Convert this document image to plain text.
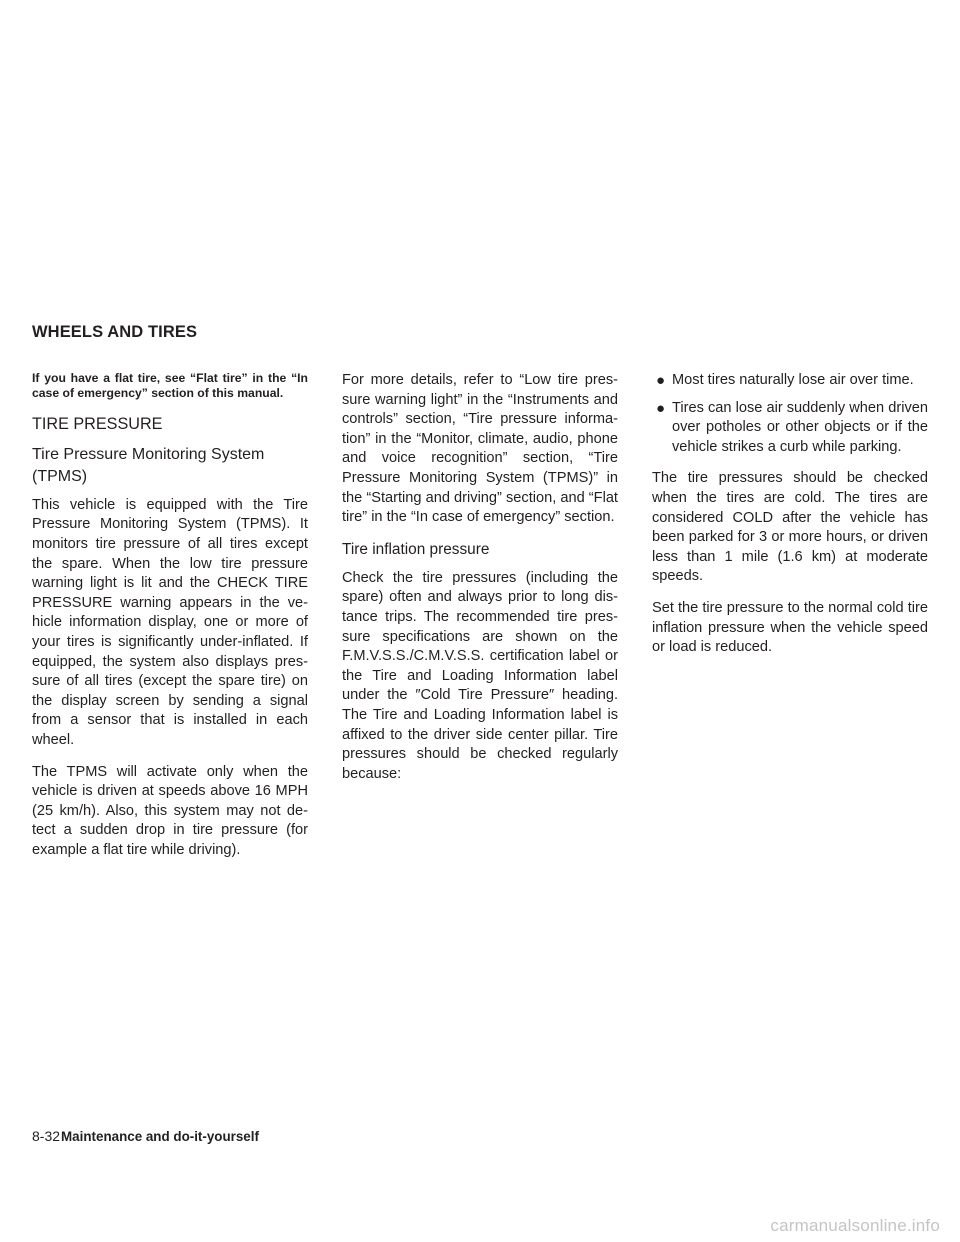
WHEELS AND TIRES

If you have a flat tire, see “Flat tire” in the “In case of emergency” section of this manual.

TIRE PRESSURE
Tire Pressure Monitoring System (TPMS)

This vehicle is equipped with the Tire Pressure Monitoring System (TPMS). It monitors tire pressure of all tires except the spare. When the low tire pressure warning light is lit and the CHECK TIRE PRESSURE warning appears in the ve-hicle information display, one or more of your tires is significantly under-inflated. If equipped, the system also displays pres-sure of all tires (except the spare tire) on the display screen by sending a signal from a sensor that is installed in each wheel.

The TPMS will activate only when the vehicle is driven at speeds above 16 MPH (25 km/h). Also, this system may not de-tect a sudden drop in tire pressure (for example a flat tire while driving).

For more details, refer to “Low tire pres-sure warning light” in the “Instruments and controls” section, “Tire pressure informa-tion” in the “Monitor, climate, audio, phone and voice recognition” section, “Tire Pressure Monitoring System (TPMS)” in the “Starting and driving” section, and “Flat tire” in the “In case of emergency” section.

Tire inflation pressure

Check the tire pressures (including the spare) often and always prior to long dis-tance trips. The recommended tire pres-sure specifications are shown on the F.M.V.S.S./C.M.V.S.S. certification label or the Tire and Loading Information label under the ″Cold Tire Pressure″ heading. The Tire and Loading Information label is affixed to the driver side center pillar. Tire pressures should be checked regularly because:

● Most tires naturally lose air over time.
● Tires can lose air suddenly when driven over potholes or other objects or if the vehicle strikes a curb while parking.

The tire pressures should be checked when the tires are cold. The tires are considered COLD after the vehicle has been parked for 3 or more hours, or driven less than 1 mile (1.6 km) at moderate speeds.

Set the tire pressure to the normal cold tire inflation pressure when the vehicle speed or load is reduced.

8-32Maintenance and do-it-yourself
carmanualsonline.info
